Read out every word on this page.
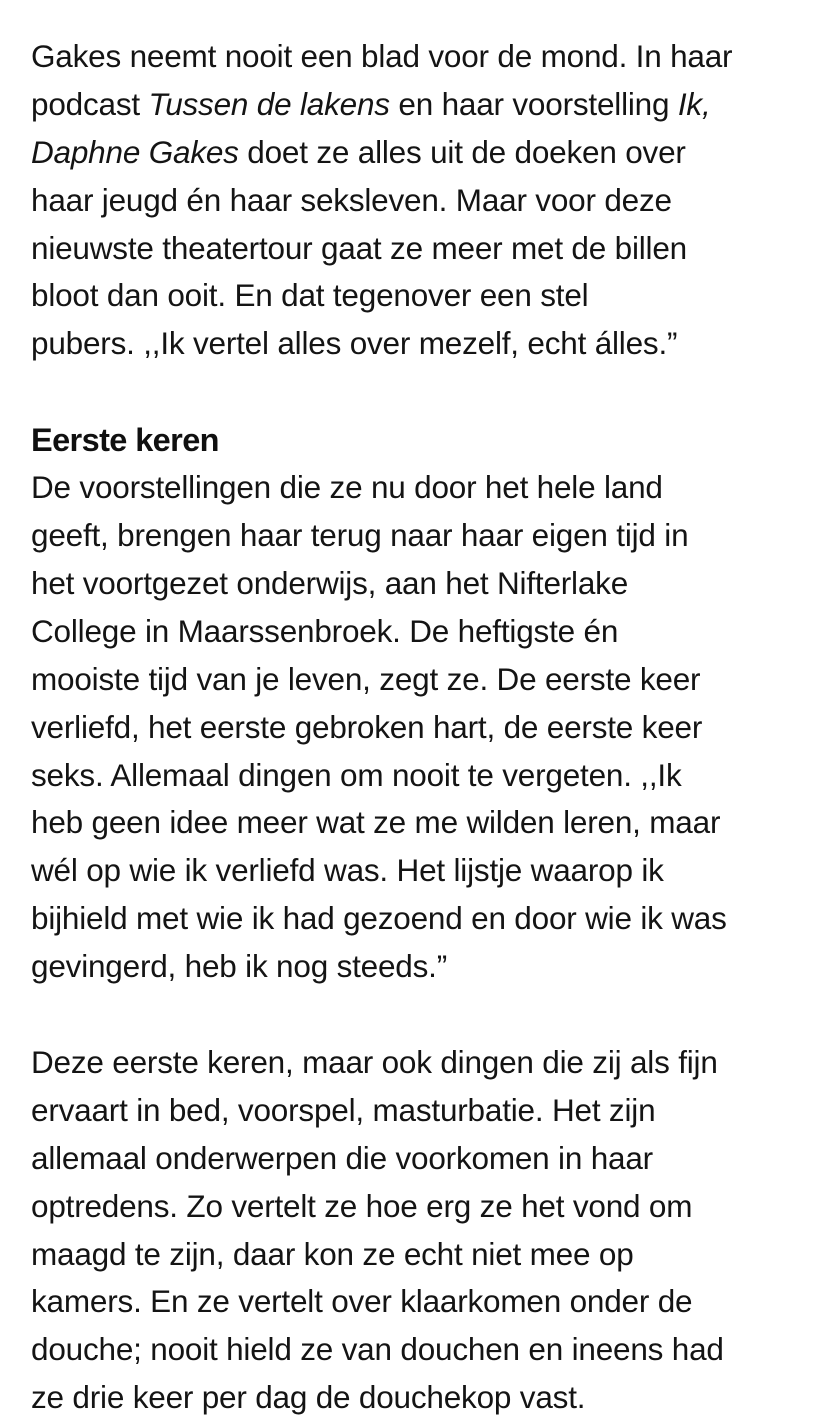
Gakes neemt nooit een blad voor de mond. In haar
podcast Tussen de lakens en haar voorstelling Ik,
Daphne Gakes doet ze alles uit de doeken over
haar jeugd én haar seksleven. Maar voor deze
nieuwste theatertour gaat ze meer met de billen
bloot dan ooit. En dat tegenover een stel
pubers. ,,Ik vertel alles over mezelf, echt álles.”
Eerste keren
De voorstellingen die ze nu door het hele land
geeft, brengen haar terug naar haar eigen tijd in
het voortgezet onderwijs, aan het Nifterlake
College in Maarssenbroek. De heftigste én
mooiste tijd van je leven, zegt ze. De eerste keer
verliefd, het eerste gebroken hart, de eerste keer
seks. Allemaal dingen om nooit te vergeten. ,,Ik
heb geen idee meer wat ze me wilden leren, maar
wél op wie ik verliefd was. Het lijstje waarop ik
bijhield met wie ik had gezoend en door wie ik was
gevingerd, heb ik nog steeds.”
Deze eerste keren, maar ook dingen die zij als fijn
ervaart in bed, voorspel, masturbatie. Het zijn
allemaal onderwerpen die voorkomen in haar
optredens. Zo vertelt ze hoe erg ze het vond om
maagd te zijn, daar kon ze echt niet mee op
kamers. En ze vertelt over klaarkomen onder de
douche; nooit hield ze van douchen en ineens had
ze drie keer per dag de douchekop vast.
